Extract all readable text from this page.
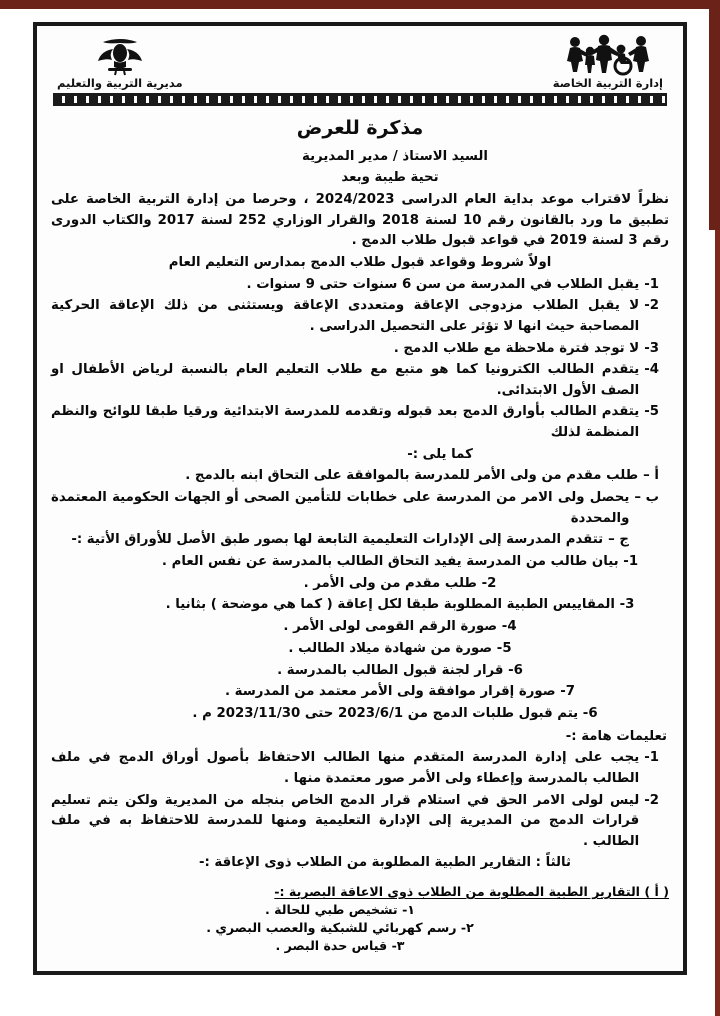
مديرية التربية والتعليم	إدارة التربية الخاصة
مذكرة للعرض
السيد الاستاذ / مدير المديرية
تحية طيبة وبعد
نظراً لاقتراب موعد بداية العام الدراسى 2024/2023 ، وحرصا من إدارة التربية الخاصة على تطبيق ما ورد بالقانون رقم 10 لسنة 2018 والقرار الوزاري 252 لسنة 2017 والكتاب الدورى رقم 3 لسنة 2019 في قواعد قبول طلاب الدمج .
اولاً شروط وقواعد قبول طلاب الدمج بمدارس التعليم العام
1-
يقبل الطلاب في المدرسة من سن 6 سنوات حتى 9 سنوات .
2-
لا يقبل الطلاب مزدوجى الإعاقة ومتعددى الإعاقة ويستثنى من ذلك الإعاقة الحركية المصاحبة حيث انها لا تؤثر على التحصيل الدراسى .
3-
لا توجد فترة ملاحظة مع طلاب الدمج .
4-
يتقدم الطالب الكترونيا كما هو متبع مع طلاب التعليم العام بالنسبة لرياض الأطفال او الصف الأول الابتدائى.
5-
يتقدم الطالب بأوارق الدمج بعد قبوله وتقدمه للمدرسة الابتدائية ورقيا طبقا للوائح والنظم المنظمة لذلك
كما يلى :-
أ –
طلب مقدم من ولى الأمر للمدرسة بالموافقة على التحاق ابنه بالدمج .
ب –
يحصل ولى الامر من المدرسة على خطابات للتأمين الصحى أو الجهات الحكومية المعتمدة والمحددة
ج –
تتقدم المدرسة إلى الإدارات التعليمية التابعة لها بصور طبق الأصل للأوراق الأتية :-
1- بيان طالب من المدرسة يفيد التحاق الطالب بالمدرسة عن نفس العام .
2- طلب مقدم من ولى الأمر .
3- المقاييس الطبية المطلوبة طبقا لكل إعاقة ( كما هي موضحة ) بثانيا .
4- صورة الرقم القومى لولى الأمر .
5- صورة من شهادة ميلاد الطالب .
6- قرار لجنة قبول الطالب بالمدرسة .
7- صورة إقرار موافقة ولى الأمر معتمد من المدرسة .
6- يتم قبول طلبات الدمج من 2023/6/1 حتى 2023/11/30 م .
تعليمات هامة :-
1-
يجب على إدارة المدرسة المتقدم منها الطالب الاحتفاظ بأصول أوراق الدمج في ملف الطالب بالمدرسة وإعطاء ولى الأمر صور معتمدة منها .
2-
ليس لولى الامر الحق في استلام قرار الدمج الخاص بنجله من المديرية ولكن يتم تسليم قرارات الدمج من المديرية إلى الإدارة التعليمية ومنها للمدرسة للاحتفاظ به في ملف الطالب .
ثالثاً : التقارير الطبية المطلوبة من الطلاب ذوى الإعاقة :-
( أ ) التقارير الطبية المطلوبة من الطلاب ذوى الاعاقة البصرية :-
١- تشخيص طبي للحالة .
٢- رسم كهربائي للشبكية والعصب البصري .
٣- قياس حدة البصر .
